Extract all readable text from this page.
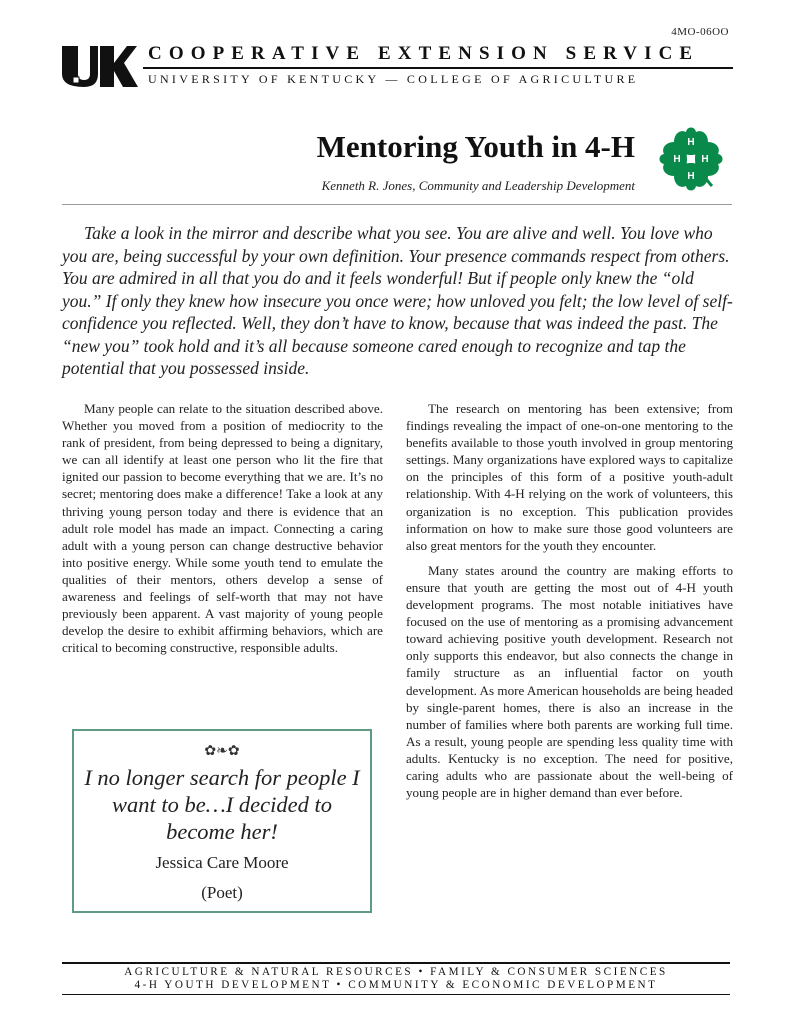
4MO-06OO
COOPERATIVE EXTENSION SERVICE
UNIVERSITY OF KENTUCKY — COLLEGE OF AGRICULTURE
Mentoring Youth in 4-H
Kenneth R. Jones, Community and Leadership Development
H
H H
H

Take a look in the mirror and describe what you see. You are alive and well. You love who you are, being successful by your own definition. Your presence commands respect from others. You are admired in all that you do and it feels wonderful! But if people only knew the “old you.” If only they knew how insecure you once were; how unloved you felt; the low level of self-confidence you reflected. Well, they don’t have to know, because that was indeed the past. The “new you” took hold and it’s all because someone cared enough to recognize and tap the potential that you possessed inside.

Many people can relate to the situation described above. Whether you moved from a position of mediocrity to the rank of president, from being depressed to being a dignitary, we can all identify at least one person who lit the fire that ignited our passion to become everything that we are. It’s no secret; mentoring does make a difference! Take a look at any thriving young person today and there is evidence that an adult role model has made an impact. Connecting a caring adult with a young person can change destructive behavior into positive energy. While some youth tend to emulate the qualities of their mentors, others develop a sense of awareness and feelings of self-worth that may not have previously been apparent. A vast majority of young people develop the desire to exhibit affirming behaviors, which are critical to becoming constructive, responsible adults.

✿❧✿
I no longer search for people I want to be…I decided to become her!
Jessica Care Moore
(Poet)

The research on mentoring has been extensive; from findings revealing the impact of one-on-one mentoring to the benefits available to those youth involved in group mentoring settings. Many organizations have explored ways to capitalize on the principles of this form of a positive youth-adult relationship. With 4-H relying on the work of volunteers, this organization is no exception. This publication provides information on how to make sure those good volunteers are also great mentors for the youth they encounter.

Many states around the country are making efforts to ensure that youth are getting the most out of 4-H youth development programs. The most notable initiatives have focused on the use of mentoring as a promising advancement toward achieving positive youth development. Research not only supports this endeavor, but also connects the change in family structure as an influential factor on youth development. As more American households are being headed by single-parent homes, there is also an increase in the number of families where both parents are working full time. As a result, young people are spending less quality time with adults. Kentucky is no exception. The need for positive, caring adults who are passionate about the well-being of young people are in higher demand than ever before.

AGRICULTURE & NATURAL RESOURCES • FAMILY & CONSUMER SCIENCES
4-H YOUTH DEVELOPMENT • COMMUNITY & ECONOMIC DEVELOPMENT
